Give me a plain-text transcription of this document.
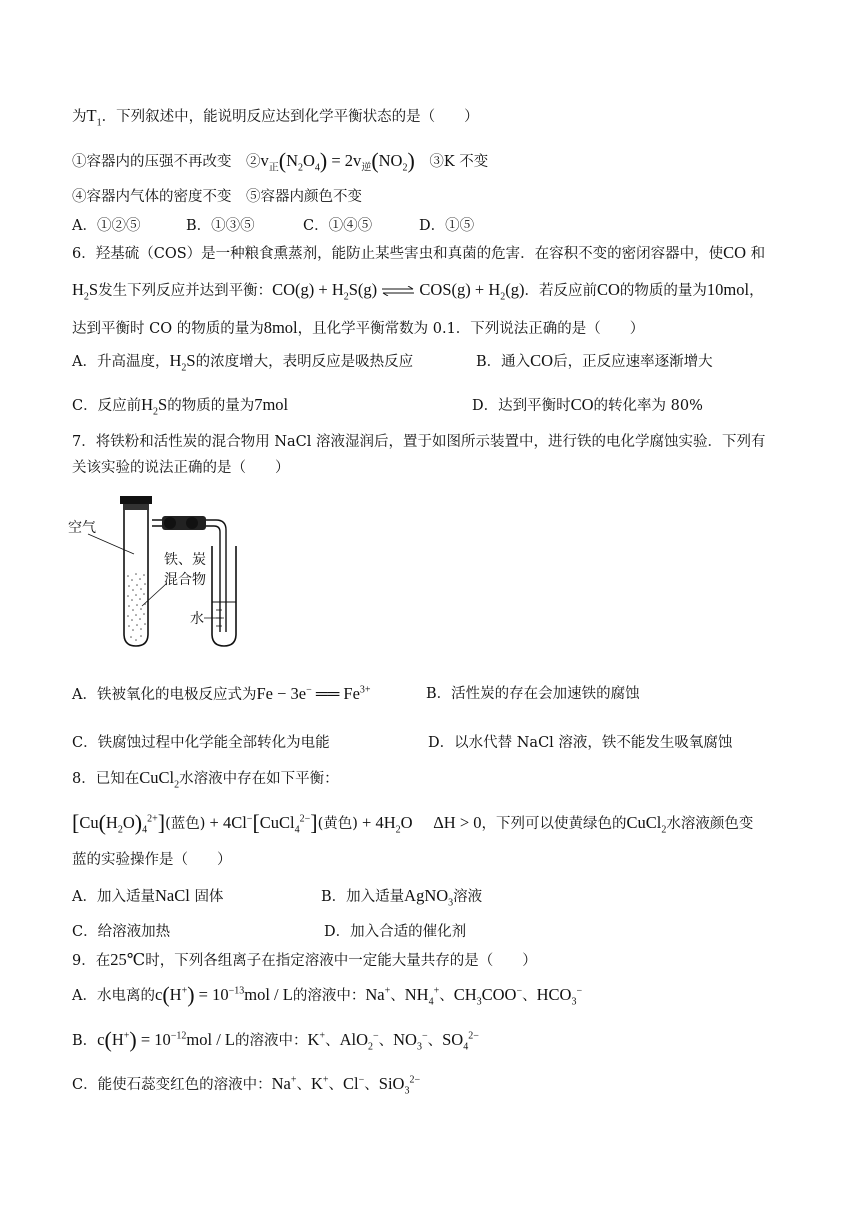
为$T_1$．下列叙述中，能说明反应达到化学平衡状态的是（　　）
①容器内的压强不再改变　$②v_正(N_2O_4) = 2v_逆(NO_2)$　 ③K 不变
④容器内气体的密度不变　⑤容器内颜色不变
A．①②⑤	B．①③⑤	C．①④⑤	D．①⑤
6．羟基硫（COS）是一种粮食熏蒸剂，能防止某些害虫和真菌的危害．在容积不变的密闭容器中，使CO 和
$H_2S$发生下列反应并达到平衡：$CO(g) + H_2S(g)$ ⇌ $COS(g) + H_2(g)$．若反应前CO的物质的量为10mol，
达到平衡时 CO 的物质的量为8mol，且化学平衡常数为 0.1．下列说法正确的是（　　）
A．升高温度，$H_2S$的浓度增大，表明反应是吸热反应	B．通入CO后，正反应速率逐渐增大
C．反应前$H_2S$的物质的量为7mol	D．达到平衡时CO的转化率为 80%
7．将铁粉和活性炭的混合物用 NaCl 溶液湿润后，置于如图所示装置中，进行铁的电化学腐蚀实验．下列有
关该实验的说法正确的是（　　）
空气
铁、炭
混合物
水
A．铁被氧化的电极反应式为Fe − 3e− ══ $Fe^{3+}$	B．活性炭的存在会加速铁的腐蚀
C．铁腐蚀过程中化学能全部转化为电能	D．以水代替 NaCl 溶液，铁不能发生吸氧腐蚀
8．已知在CuCl$_2$水溶液中存在如下平衡：
$[Cu(H_2O)_4^{2+}]$(蓝色) + 4Cl−[CuCl$_4^{2-}$](黄色) + $4H_2O$　 ΔH > 0，下列可以使黄绿色的CuCl$_2$水溶液颜色变
蓝的实验操作是（　　）
A．加入适量NaCl 固体	B．加入适量AgNO$_3$溶液
C．给溶液加热	D．加入合适的催化剂
9．在25℃时，下列各组离子在指定溶液中一定能大量共存的是（　　）
A．水电离的$c(H^+) = 10^{-13}mol / L$的溶液中：Na+、$NH_4^+$、$CH_3COO^-$、$HCO_3^-$
B．$c(H^+) = 10^{-12}mol / L$的溶液中：K+、AlO$_2$−、$NO_3^-$、$SO_4^{2-}$
C．能使石蕊变红色的溶液中：Na+、K+、Cl−、SiO$_3^{2-}$
